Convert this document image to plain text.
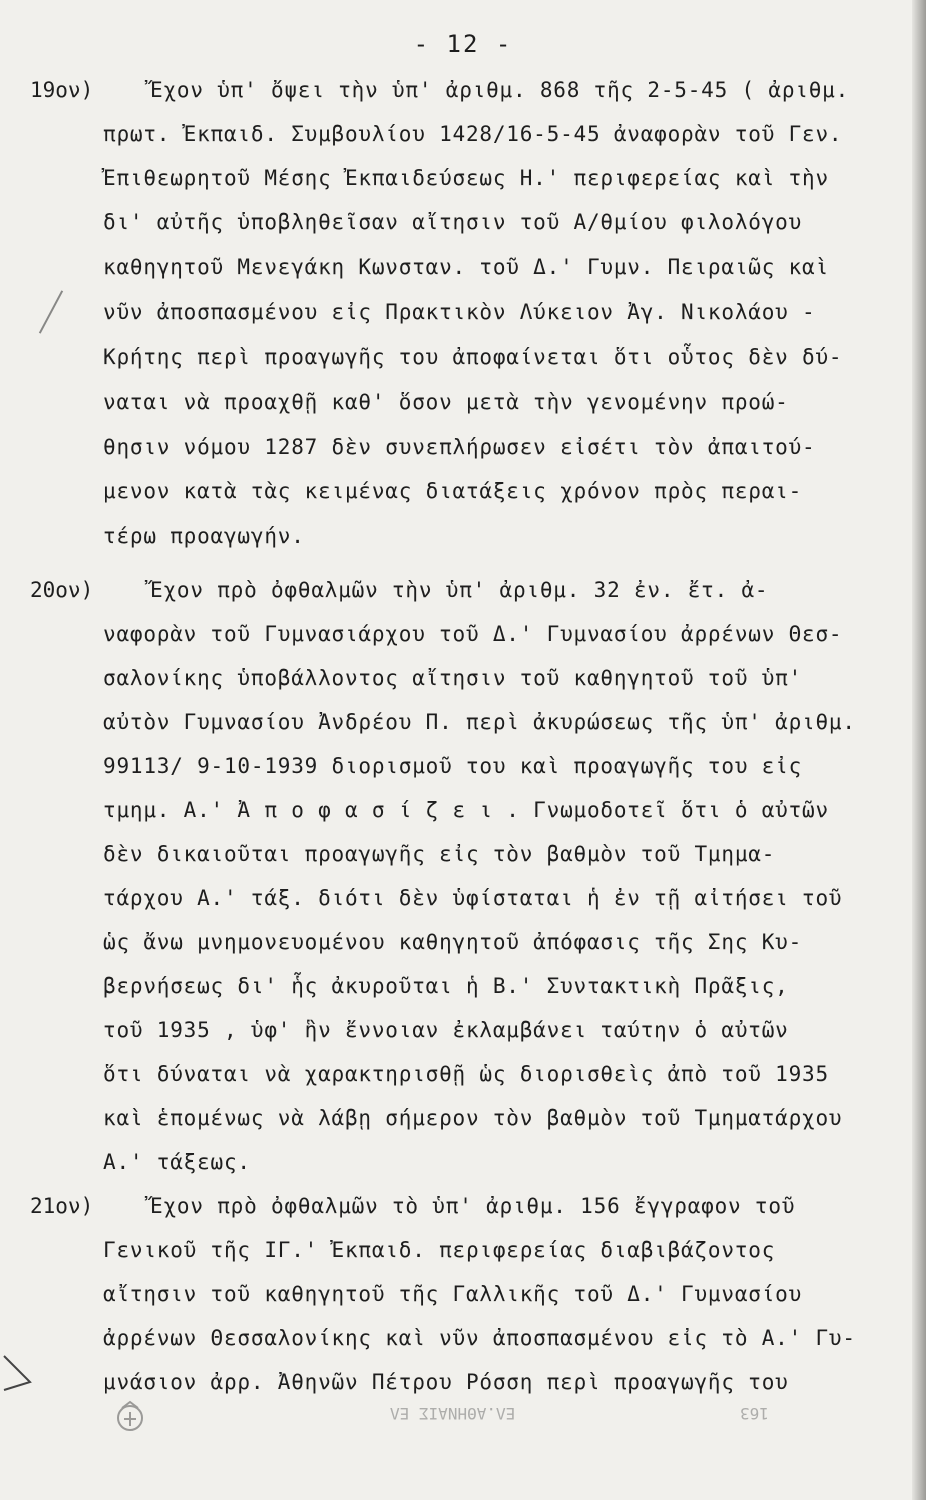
- 12 -
19ον)	Ἔχον ὑπ' ὄψει τὴν ὑπ' ἀριθμ. 868 τῆς 2-5-45 ( ἀριθμ.
πρωτ. Ἐκπαιδ. Συμβουλίου 1428/16-5-45 ἀναφορὰν τοῦ Γεν.
Ἐπιθεωρητοῦ Μέσης Ἐκπαιδεύσεως Η.' περιφερείας καὶ τὴν
δι' αὐτῆς ὑποβληθεῖσαν αἴτησιν τοῦ Α/θμίου φιλολόγου
καθηγητοῦ Μενεγάκη Κωνσταν. τοῦ Δ.' Γυμν. Πειραιῶς καὶ
νῦν ἀποσπασμένου εἰς Πρακτικὸν Λύκειον Ἀγ. Νικολάου -
Κρήτης περὶ προαγωγῆς του ἀποφαίνεται ὅτι οὗτος δὲν δύ-
ναται νὰ προαχθῇ καθ' ὅσον μετὰ τὴν γενομένην προώ-
θησιν νόμου 1287 δὲν συνεπλήρωσεν εἰσέτι τὸν ἀπαιτού-
μενον κατὰ τὰς κειμένας διατάξεις χρόνον πρὸς περαι-
τέρω προαγωγήν.
20ον)	Ἔχον πρὸ ὀφθαλμῶν τὴν ὑπ' ἀριθμ. 32 ἐν. ἔτ. ἀ-
ναφορὰν τοῦ Γυμνασιάρχου τοῦ Δ.' Γυμνασίου ἀρρένων Θεσ-
σαλονίκης ὑποβάλλοντος αἴτησιν τοῦ καθηγητοῦ τοῦ ὑπ'
αὐτὸν Γυμνασίου Ἀνδρέου Π. περὶ ἀκυρώσεως τῆς ὑπ' ἀριθμ.
99113/ 9-10-1939 διορισμοῦ του καὶ προαγωγῆς του εἰς
τμημ. Α.' Ἀ π ο φ α σ ί ζ ε ι . Γνωμοδοτεῖ ὅτι ὁ αὐτῶν
δὲν δικαιοῦται προαγωγῆς εἰς τὸν βαθμὸν τοῦ Τμημα-
τάρχου Α.' τάξ. διότι δὲν ὑφίσταται ἡ ἐν τῇ αἰτήσει τοῦ
ὡς ἄνω μνημονευομένου καθηγητοῦ ἀπόφασις τῆς Σης Κυ-
βερνήσεως δι' ἧς ἀκυροῦται ἡ Β.' Συντακτικὴ Πρᾶξις,
τοῦ 1935 , ὑφ' ἣν ἔννοιαν ἐκλαμβάνει ταύτην ὁ αὐτῶν
ὅτι δύναται νὰ χαρακτηρισθῇ ὡς διορισθεὶς ἀπὸ τοῦ 1935
καὶ ἑπομένως νὰ λάβῃ σήμερον τὸν βαθμὸν τοῦ Τμηματάρχου
Α.' τάξεως.
21ον)	Ἔχον πρὸ ὀφθαλμῶν τὸ ὑπ' ἀριθμ. 156 ἔγγραφον τοῦ
Γενικοῦ τῆς ΙΓ.' Ἐκπαιδ. περιφερείας διαβιβάζοντος
αἴτησιν τοῦ καθηγητοῦ τῆς Γαλλικῆς τοῦ Δ.' Γυμνασίου
ἀρρένων Θεσσαλονίκης καὶ νῦν ἀποσπασμένου εἰς τὸ Α.' Γυ-
μνάσιον ἀρρ. Ἀθηνῶν Πέτρου Ρόσση περὶ προαγωγῆς του
ΕΛ.ΑΘΗΝΑΙΣ ΕΛ	163
